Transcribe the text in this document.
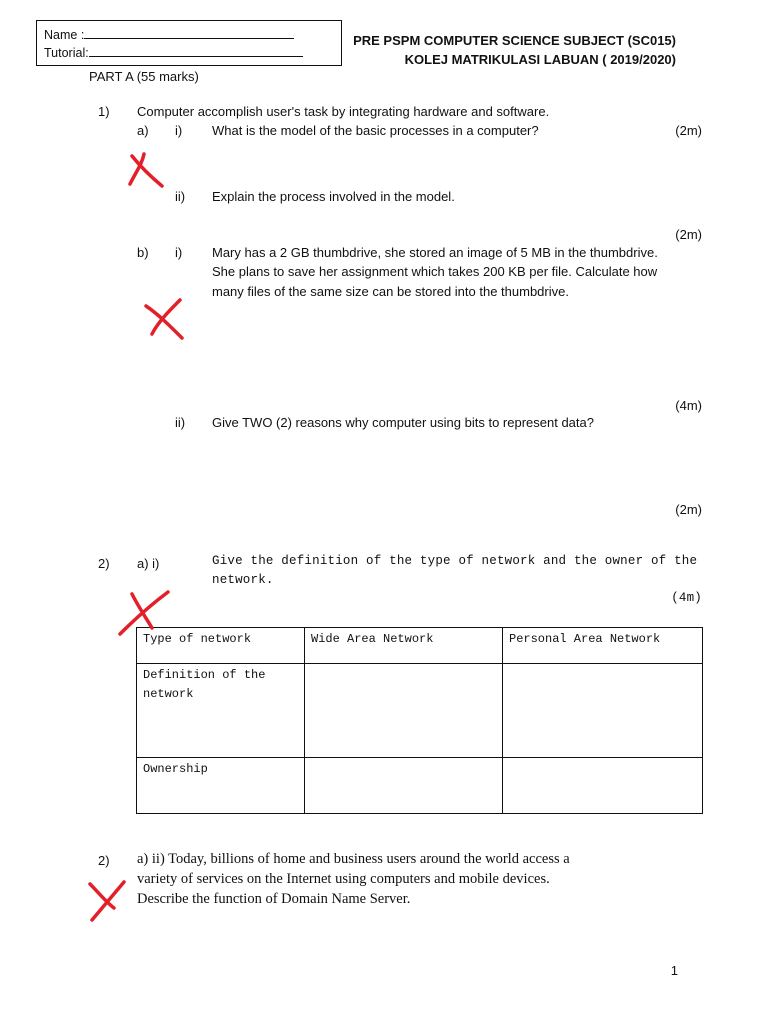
Name :
Tutorial:
PRE PSPM COMPUTER SCIENCE SUBJECT (SC015)
KOLEJ MATRIKULASI LABUAN ( 2019/2020)
PART A (55 marks)
1) Computer accomplish user's task by integrating hardware and software.
a) i) What is the model of the basic processes in a computer?	(2m)
ii) Explain the process involved in the model.
(2m)
b) i) Mary has a 2 GB thumbdrive, she stored an image of 5 MB in the thumbdrive.
She plans to save her assignment which takes 200 KB per file. Calculate how
many files of the same size can be stored into the thumbdrive.
(4m)
ii) Give TWO (2) reasons why computer using bits to represent data?
(2m)
2) a) i)	Give the definition of the type of network and the owner of the
network.
(4m)
Type of network	Wide Area Network	Personal Area Network

Definition of the
network		

Ownership		

2) a) ii) Today, billions of home and business users around the world access a
variety of services on the Internet using computers and mobile devices.
Describe the function of Domain Name Server.
1
